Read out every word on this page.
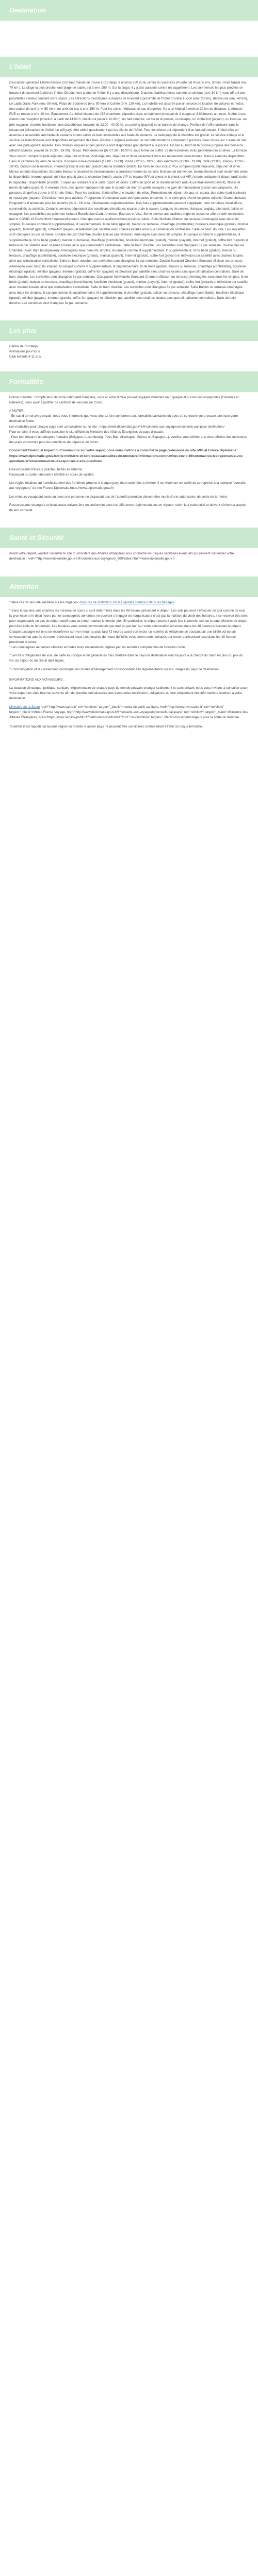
Destination
L’hôtel

Description générale L’hôtel Barceló Corralejo Sands se trouve à Corralejo, à environ 250 m du centre du vacances (Puerto del Rosario env. 30 km, Gran Tarajal env. 70 km ). La plage la plus proche, une plage de sable, est à env. 250 m. Sur la plage, il y a des parasols contre un supplément. Les commerces les plus proches se trouvent directement à côté de l’hôtel. Directement à côté de l’hôtel, il y a une discothèque. D’autres établissements comme un cinéma (env. 30 km) vous offrent des possibilités variées pendant votre séjour. Les attractions touristiques suivantes se trouvent à proximité de l’hôtel: Coridiu Tuclon (env. 20 km), Betancuria (env. 48 km), Le Lajita Oasis Park (env. 80 km), Playa de Sotavento (env. 90 km) et Cofete (env. 110 km). La mobilité est assurée par un service de location de voitures et motos, une station de taxi (env. 50 m) et un arrêt de bus à env. 150 m. Pour les soins médicaux en cas d’urgence, il y a un hôpital à environ 30 km de distance. L’aéroport FUE se trouve à env. 40 km. Équipement Cet hôtel dispose de 156 chambres, réparties dans un bâtiment principal de 3 étages et 3 bâtiments annexes. Il offre à ses clients une réception (check-in à partir de 14:00 h, check-out jusqu’à 12:00 h), un hall d’entrée, un bar et la presse, un kiosque, un coffre-fort (payant), un kiosque, un prêt magasin, d’autres boutiques, une discothèque (ouverte de 22:00 - 00:00 h), un parking (payant) et un bureau de change. Profitez de l’offre culinaire dans le restaurant (climatisé) de l’hôtel. Le wifi payé être utilisé gratuitement par les clients de l’hôtel. Pour les clients qui dépendent d’un fauteuil roulant, l’hôtel offre un ascenseur accessible aux fauteuils roulants et des salles de bain accessibles aux fauteuils roulants. Le nettoyage de la chambre est gratuit. Le service d’étage et le service de blanchisserie sont disponibles moyennant des frais. Piscine: L’espace extérieur de cet hôtel moderne comprend 2 piscines d’eau douce sur 2 eaux de mer avec une pataugeoire séparée. Des chaises longues et des parasols sont disponibles gratuitement à la piscine. Un bar au bord de la piscine propose des boissons rafraîchissantes. (ouvert de 10:30 - 19:00). Repas: Petit-déjeuner (de 07:30 - 10:00 h) sous forme de buffet. Le demi-pension inclut petit-déjeuner et dîner. La formule “tous inclus” comprend petit-déjeuner, déjeuner et dîner. Petit-déjeuner, déjeuner et dîner seulement dans les restaurants sélectionnés. Menus élaborés disponibles. Eaux et certaines liqueurs de service. Boissons non-alcoolisées (12:00 - 19:00). Vin/re (12:00 - 19:00), des sandwichs (12:00 - 19:00). Café (19:00), snacks (12:00 - 19:00), boisson de bienvenue. Internet gratuit et mini bar gratuit dans la chambre (limité). En formule tous inclus: Plus comprend petit déjeuner, déjeuner et dîner. Menus enfants disponibles. En outre Boissons alcoolisées internationales à certaines heures du service. Boisson de bienvenue. éventuellement sont seulement selon la disponibilité. Internet gratuit, mini-bar gratuit dans la chambre (limité), accès VIP à l’espace SPA et check-in & check-out VIP. Arrivée anticipée et départ tardif (selon la capacité) - disponibilité possible. 1 repas au restaurant à la carte, Sport et loisirs: L’offre de sport et de divertissement (éduré) (entraînement payant), fitness et tennis de table (payant). À environ 2 km, des sports nautiques tels que le scooter de mer (en partie essayé) une gym de musculation (essai) sont proposés. Un parcours de golf se trouve à 40 km de l’hôtel. Pour les cyclistes, l’hôtel offre une location de vélos. Promotions de séjour: Un spa, un sauna, des soins (sud-bonheur) et massages (payant). Divertissement pour adultes: Programme d’animation avec des spectacles en soirée. Une série plus divertit les petits enfants. Grand-chelsecs Programme d’animation pour les enfants (de 2 - 16 ans). Informations supplémentaires: Des frais supplémentaires peuvent s’appliquer pour certaines installations, commodités ou activités. Certains services dépendent des conditions climatiques locales et de la saison. Langues de service: français, anglais, allemand, italien et espagnol. Les possibilités de paiement incluent Euro/MasterCard, American Express et Visa. Some service and facilities might be closed or offered with restrictions due to COVID-19 Prevention measures/frequent. Changes can be applied without previous notice. Suite familiale (Balcon ou terrasse) Aménagée avec deux lits simples, lit-canapé comme lit supplémentaire, lit supplémentaire, lit de bébé (gratuit), balcon ou terrasse, chauffage (contrôlable), bouilloire électrique (gratuit), minibar (payant), Internet (gratuit), coffre-fort (payant) et télévision par satellite avec chaînes locales ainsi que climatisation centralisée. Salle de bain: douche. Les serviettes sont changées 3x par semaine. Double Deluxe Chambre Double Deluxe (au terrasse): Aménagée avec deux lits simples, lit-canapé comme lit supplémentaire, lit supplémentaire, lit de bébé (gratuit), balcon ou terrasse, chauffage (contrôlable), bouilloire électrique (gratuit), minibar (payant), Internet (gratuit), coffre-fort (payant) et télévision par satellite avec chaînes locales ainsi que climatisation centralisée. Salle de bain: douche. Les serviettes sont changées 3x par semaine. Double Deluxe Chambre (Avec Bain boutiquesen): Aménagées avec deux lits simples, lit-canapé comme lit supplémentaire, lit supplémentaire, lit de bébé (gratuit), balcon ou terrasse, chauffage (contrôlable), bouilloire électrique (gratuit), minibar (payant), Internet (gratuit), coffre-fort (payant) et télévision par satellite avec chaînes locales ainsi que climatisation centralisée. Salle de bain: douche. Les serviettes sont changées 3x par semaine. Double Standard Chambre Standard (Balcon ou terrasse) Aménagée avec deux lits simples, lit-canapé comme lit supplémentaire, lit supplémentaire, lit de bébé (gratuit), balcon ou terrasse, chauffage (contrôlable), bouilloire électrique (gratuit), minibar (payant), Internet (gratuit), coffre-fort (payant) et télévision par satellite avec chaînes locales ainsi que climatisation centralisée. Salle de bain: douche. Les serviettes sont changées 3x par semaine. Occupation individuelle Standard Chambre (Balcon ou terrasse) Aménagées avec deux lits simples, lit de bébé (gratuit), balcon ou terrasse, chauffage (contrôlable), bouilloire électrique (gratuit), minibar (payant), Internet (gratuit), coffre-fort (payant) et télévision par satellite avec chaînes locales ainsi que climatisation centralisée. Salle de bain: douche. Les serviettes sont changées 3x par semaine. Suite Balcon ou terrasse Aménagée avec deux lits simples, lit-canapé comme lit supplémentaire, lit supplémentaire, lit de bébé (gratuit), balcon ou terrasse, chauffage (contrôlable), bouilloire électrique (gratuit), minibar (payant), Internet (gratuit), coffre-fort (payant) et télévision par satellite avec chaînes locales ainsi que climatisation centralisée. Salle de bain: douche. Les serviettes sont changées 3x par semaine.

Les plus

Centre de Corralejo

Animations pour tous

Club enfants 4-11 ans

Formalités

Bonne nouvelle : Compte tenu de votre nationalité française, vous et votre famille pouvez voyager librement en Espagne et sur les îles espagnoles (Canaries et Baléares), sans avoir à justifier de certificat de vaccination Covid.

A NOTER :
- En cas d’un vol avec escale, nous vous informons que vous devrez être conformes aux formalités sanitaires du pays où se trouve votre escale ainsi que votre destination finale.
Les modalités pour chaque pays sont consultables sur le site : https://www.diplomatie.gouv.fr/fr/conseils-aux-voyageurs/conseils-par-pays-destination/
Pour ce faire, il vous suffit de consulter le site officiel du Ministère des Affaires Étrangères du pays d’escale.
- Pour tout départ d’un aéroport frontalier (Belgique, Luxembourg, Pays-Bas, Allemagne, Suisse ou Espagne...), veuillez vous référer aux sites officiels des ministères des pays concernés pour les conditions de départ et de retour.

Concernant l’éventuel impact du Coronavirus sur votre séjour, nous vous invitons à consulter la page ci-dessous du site officiel France Diplomatie : https://www.diplomatie.gouv.fr/fr/le-ministere-et-son-reseau/actualites-du-ministere/informations-coronavirus-covid-19/coronavirus-les-reponses-a-vos-questions/article/coronavirus-les-reponses-a-vos-questions

Ressortissants français (adultes, bébés et enfants) :
Passeport ou carte nationale d’identité en cours de validité.

Les règles relatives au franchissement des frontières propres à chaque pays étant amenées à évoluer, il est vivement conseillé de se reporter à la rubrique “conseils aux voyageurs” du site France Diplomatie.https://www.diplomatie.gouv.fr/

Les mineurs voyageant seuls ou avec une personne ne disposant pas de l’autorité parentale doivent être munis d’une autorisation de sortie de territoire.

Ressortissants étrangers et binationaux doivent être en conformité avec les différentes réglementations en vigueur, selon leur nationalité et doivent s’informer auprès de leur consulat.

Santé et Sécurité

Avant votre départ, veuillez consulter le site du ministère des Affaires étrangères pour connaître les risques sanitaires éventuels qui peuvent concerner votre destination : href="http://www.diplomatie.gouv.fr/fr/conseils-aux-voyageurs_909/index.html">www.diplomatie.gouv.fr

Attention

* Mesures de sécurité sanitaire sur les bagages: mesures de restriction sur les liquides contenus dans les bagages

* Dans le cas des vols charters les horaires de cours ci sont déterminés dans les 48 heures précédant le départ. Les vols peuvent s’effectuer de jour comme de nuit, la promesse et le délai heure par les compagnies aériennes ne pouvant s’engager de l’organisateur n’est pas la maîtrise du choix des horaires. Il se recevoir très tiers pour responsable en cas de départ tardif et/ou de retour matinal le dernier jour. En particulier, le départ pouvant avoir lieu le premier soir ou la date effective de départ peut être celle du lendemain. Les horaires vous seront communiqués par mail ou par fax, sur votre convocation adressée dans les 48 heures précédant le départ. Chaque passager est tenu de reconfirmer son vol retour au plus tard 72 heures avant son retour ou numéro de téléphone se trouvant sur une bilété vol ou sur convocation ou auprès de notre représentant local. Les horaires de retour définitifs vous seront communiqués par notre représentant local dans les 48 heures précédant le retour.
* Les compagnies aériennes utilisées et toutes leurs réclamations réglées par les autorités compétentes de l’aviation civile.

* Les frais obligatoires de visa, de carte touristique et en général les frais d’entrée dans le pays de destination sont toujours à la charge du client en plus du prix du vol, du séjour ou du circuit déjà réglés.

* L’homologation et le classement touristique des modes d’hébergement correspondent à la réglementation ou aux usages du pays de destination.

INFORMATIONS AUX VOYAGEURS :

La situation climatique, politique, sanitaire, réglementaire de chaque pays du monde pouvant changer subitement et sans préavis nous vous invitons à consulter avant votre départ les sites Internet suivants afin de prendre connaissance des éventuelles restrictions, obligations ou tout simplement des informations relatives à votre destination.

Ministère de la Santé href="http://www.sante.fr" rel="nofollow" target="_blank">Institut de veille sanitaire, href="http://www.invs.sante.fr" rel="nofollow" target="_blank">Météo France Voyage, href="http://www.diplomatie.gouv.fr/fr/conseils-aux-voyageurs/conseils-par-pays/" rel="nofollow" target="_blank">Ministère des Affaires Étrangères, href="https://www.service-public.fr/particuliers/vosdroits/F2181" rel="nofollow" target="_blank">Documents légaux pour la sortie du territoire.

Toutefois il est rappelé qu’aucune région du monde ni aucun pays ne peuvent être considérés comme étant à l’abri du risque terroriste.
